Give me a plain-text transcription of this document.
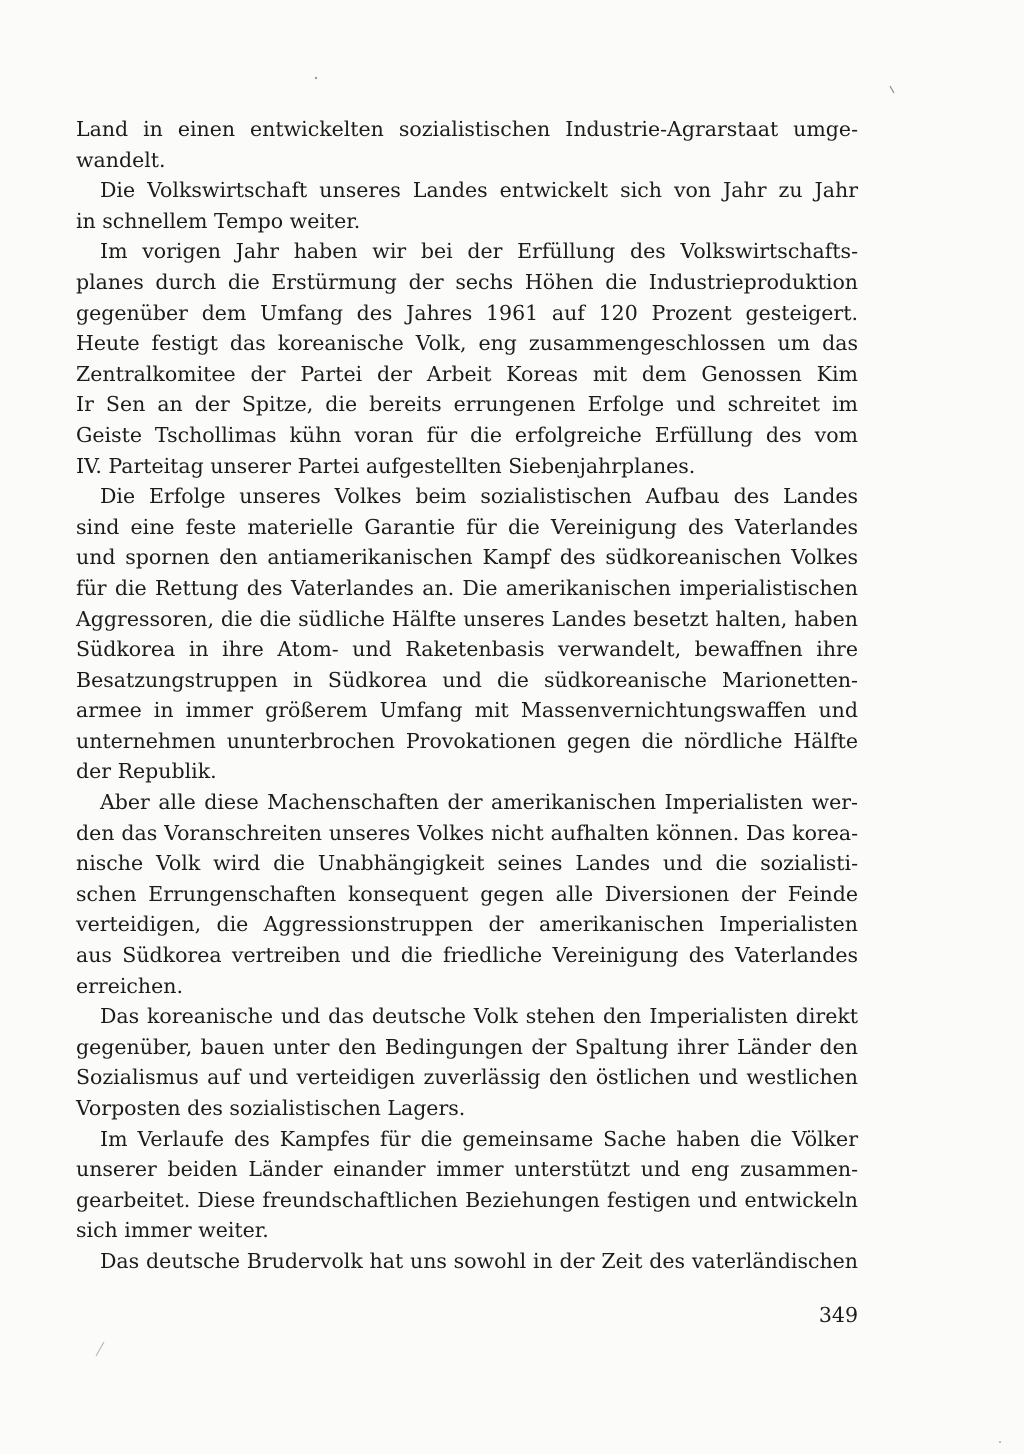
Land in einen entwickelten sozialistischen Industrie-Agrarstaat umge-
wandelt.
Die Volkswirtschaft unseres Landes entwickelt sich von Jahr zu Jahr
in schnellem Tempo weiter.
Im vorigen Jahr haben wir bei der Erfüllung des Volkswirtschafts-
planes durch die Erstürmung der sechs Höhen die Industrieproduktion
gegenüber dem Umfang des Jahres 1961 auf 120 Prozent gesteigert.
Heute festigt das koreanische Volk, eng zusammengeschlossen um das
Zentralkomitee der Partei der Arbeit Koreas mit dem Genossen Kim
Ir Sen an der Spitze, die bereits errungenen Erfolge und schreitet im
Geiste Tschollimas kühn voran für die erfolgreiche Erfüllung des vom
IV. Parteitag unserer Partei aufgestellten Siebenjahrplanes.
Die Erfolge unseres Volkes beim sozialistischen Aufbau des Landes
sind eine feste materielle Garantie für die Vereinigung des Vaterlandes
und spornen den antiamerikanischen Kampf des südkoreanischen Volkes
für die Rettung des Vaterlandes an. Die amerikanischen imperialistischen
Aggressoren, die die südliche Hälfte unseres Landes besetzt halten, haben
Südkorea in ihre Atom- und Raketenbasis verwandelt, bewaffnen ihre
Besatzungstruppen in Südkorea und die südkoreanische Marionetten-
armee in immer größerem Umfang mit Massenvernichtungswaffen und
unternehmen ununterbrochen Provokationen gegen die nördliche Hälfte
der Republik.
Aber alle diese Machenschaften der amerikanischen Imperialisten wer-
den das Voranschreiten unseres Volkes nicht aufhalten können. Das korea-
nische Volk wird die Unabhängigkeit seines Landes und die sozialisti-
schen Errungenschaften konsequent gegen alle Diversionen der Feinde
verteidigen, die Aggressionstruppen der amerikanischen Imperialisten
aus Südkorea vertreiben und die friedliche Vereinigung des Vaterlandes
erreichen.
Das koreanische und das deutsche Volk stehen den Imperialisten direkt
gegenüber, bauen unter den Bedingungen der Spaltung ihrer Länder den
Sozialismus auf und verteidigen zuverlässig den östlichen und westlichen
Vorposten des sozialistischen Lagers.
Im Verlaufe des Kampfes für die gemeinsame Sache haben die Völker
unserer beiden Länder einander immer unterstützt und eng zusammen-
gearbeitet. Diese freundschaftlichen Beziehungen festigen und entwickeln
sich immer weiter.
Das deutsche Brudervolk hat uns sowohl in der Zeit des vaterländischen
349
